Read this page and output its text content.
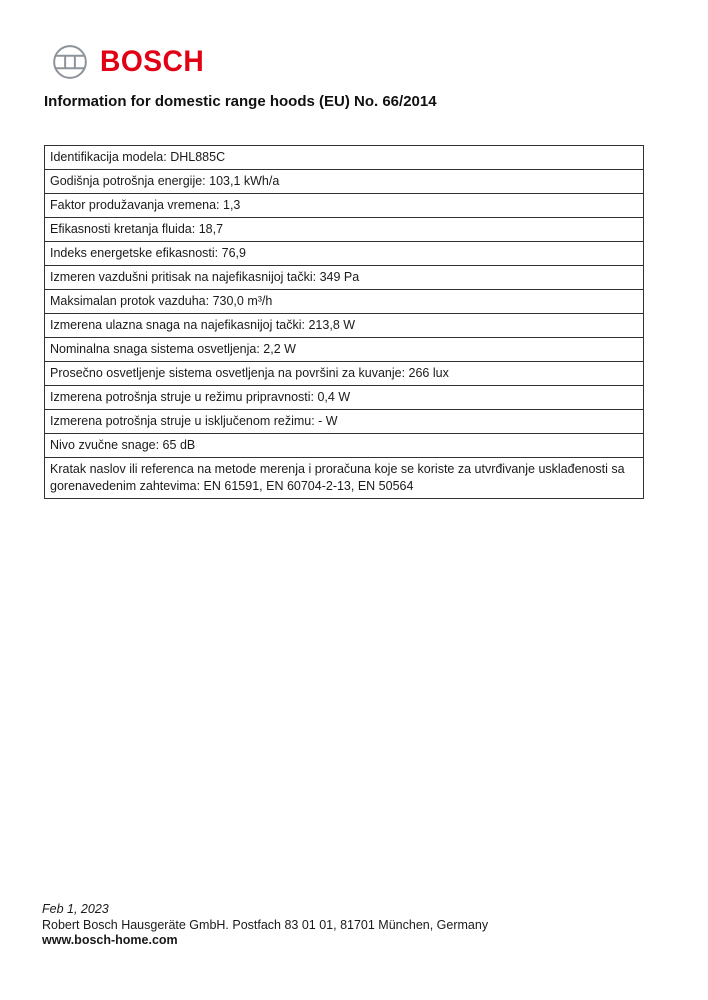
BOSCH
Information for domestic range hoods (EU) No. 66/2014
Identifikacija modela: DHL885C
Godišnja potrošnja energije: 103,1 kWh/a
Faktor produžavanja vremena: 1,3
Efikasnosti kretanja fluida: 18,7
Indeks energetske efikasnosti: 76,9
Izmeren vazdušni pritisak na najefikasnijoj tački: 349 Pa
Maksimalan protok vazduha: 730,0 m³/h
Izmerena ulazna snaga na najefikasnijoj tački: 213,8 W
Nominalna snaga sistema osvetljenja: 2,2 W
Prosečno osvetljenje sistema osvetljenja na površini za kuvanje: 266 lux
Izmerena potrošnja struje u režimu pripravnosti: 0,4 W
Izmerena potrošnja struje u isključenom režimu: - W
Nivo zvučne snage: 65 dB
Kratak naslov ili referenca na metode merenja i proračuna koje se koriste za utvrđivanje usklađenosti sa gorenavedenim zahtevima: EN 61591, EN 60704-2-13, EN 50564
Feb 1, 2023
Robert Bosch Hausgeräte GmbH. Postfach 83 01 01, 81701 München, Germany
www.bosch-home.com
